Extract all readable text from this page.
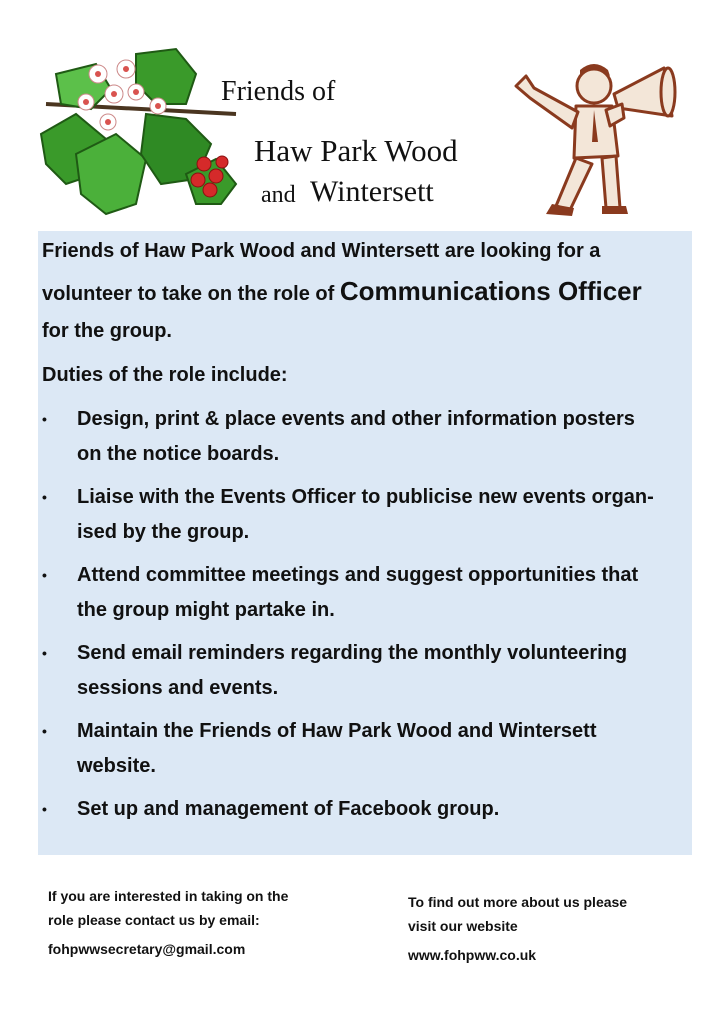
Friends of
Haw Park Wood
and Wintersett
Friends of Haw Park Wood and Wintersett are looking for a
volunteer to take on the role of Communications Officer
for the group.
Duties of the role include:
• Design, print & place events and other information posters
on the notice boards.
• Liaise with the Events Officer to publicise new events organ-
ised by the group.
• Attend committee meetings and suggest opportunities that
the group might partake in.
• Send email reminders regarding the monthly volunteering
sessions and events.
• Maintain the Friends of Haw Park Wood and Wintersett
website.
• Set up and management of Facebook group.
If you are interested in taking on the
role please contact us by email:
fohpwwsecretary@gmail.com
To find out more about us please
visit our website
www.fohpww.co.uk
